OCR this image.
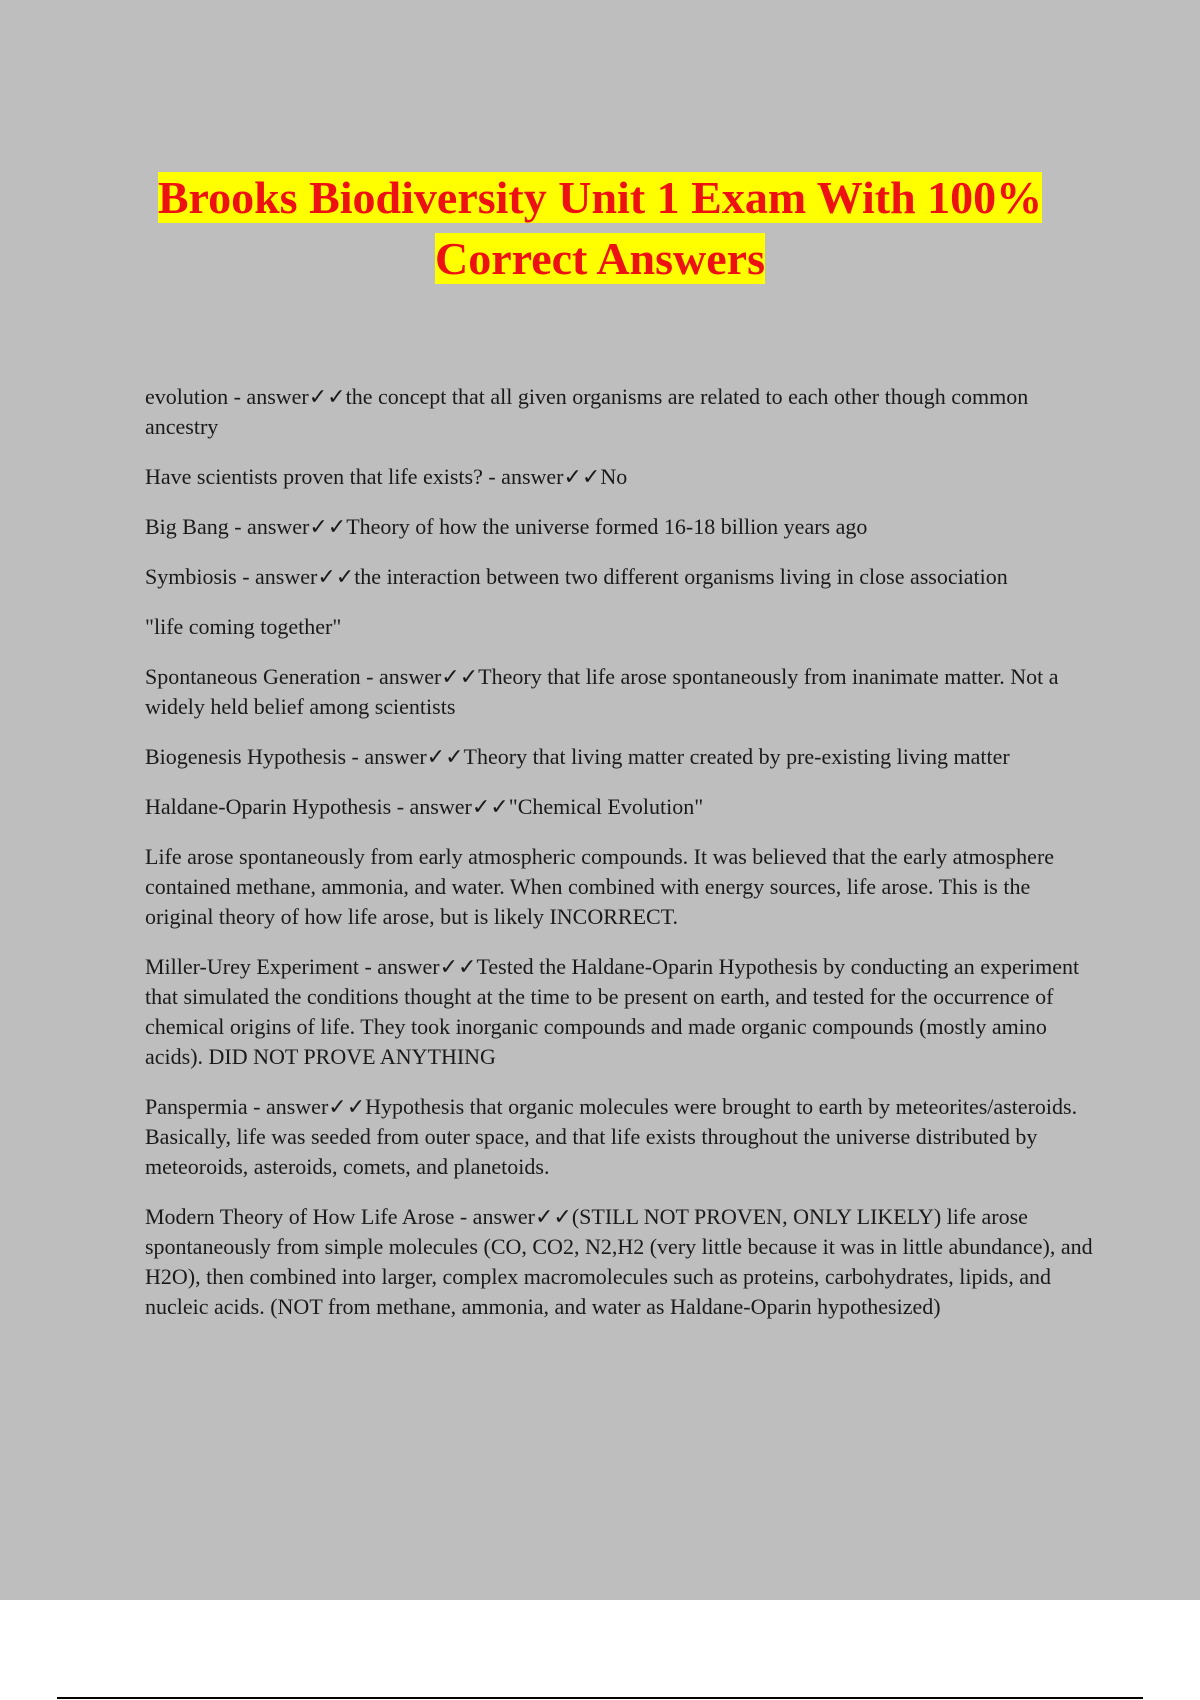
Brooks Biodiversity Unit 1 Exam With 100%
Correct Answers

evolution - answer✓✓the concept that all given organisms are related to each other though common ancestry

Have scientists proven that life exists? - answer✓✓No

Big Bang - answer✓✓Theory of how the universe formed 16-18 billion years ago

Symbiosis - answer✓✓the interaction between two different organisms living in close association

"life coming together"

Spontaneous Generation - answer✓✓Theory that life arose spontaneously from inanimate matter. Not a widely held belief among scientists

Biogenesis Hypothesis - answer✓✓Theory that living matter created by pre-existing living matter

Haldane-Oparin Hypothesis - answer✓✓"Chemical Evolution"

Life arose spontaneously from early atmospheric compounds. It was believed that the early atmosphere contained methane, ammonia, and water. When combined with energy sources, life arose. This is the original theory of how life arose, but is likely INCORRECT.

Miller-Urey Experiment - answer✓✓Tested the Haldane-Oparin Hypothesis by conducting an experiment that simulated the conditions thought at the time to be present on earth, and tested for the occurrence of chemical origins of life. They took inorganic compounds and made organic compounds (mostly amino acids). DID NOT PROVE ANYTHING

Panspermia - answer✓✓Hypothesis that organic molecules were brought to earth by meteorites/asteroids. Basically, life was seeded from outer space, and that life exists throughout the universe distributed by meteoroids, asteroids, comets, and planetoids.

Modern Theory of How Life Arose - answer✓✓(STILL NOT PROVEN, ONLY LIKELY) life arose spontaneously from simple molecules (CO, CO2, N2,H2 (very little because it was in little abundance), and H2O), then combined into larger, complex macromolecules such as proteins, carbohydrates, lipids, and nucleic acids. (NOT from methane, ammonia, and water as Haldane-Oparin hypothesized)
